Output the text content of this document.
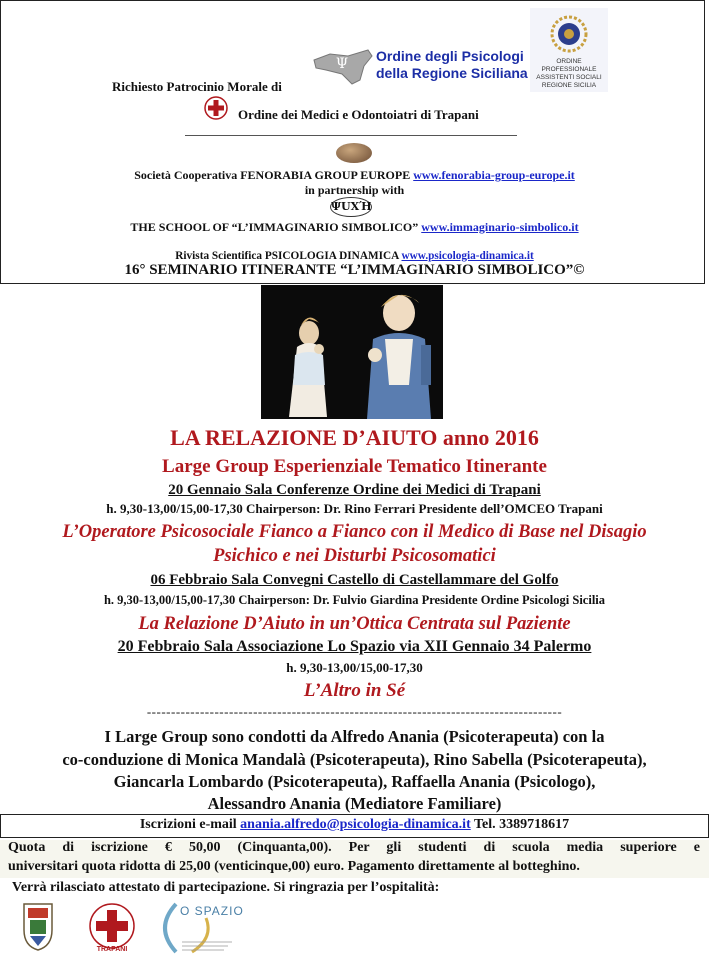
Ψ Ordine degli Psicologi
della Regione Siciliana
ORDINE PROFESSIONALE ASSISTENTI SOCIALI REGIONE SICILIA
Richiesto Patrocinio Morale di
Ordine dei Medici e Odontoiatri di Trapani
Società Cooperativa FENORABIA GROUP EUROPE www.fenorabia-group-europe.it
in partnership with
ΨUXΉ
THE SCHOOL OF “L’IMMAGINARIO SIMBOLICO” www.immaginario-simbolico.it
Rivista Scientifica PSICOLOGIA DINAMICA www.psicologia-dinamica.it
16° SEMINARIO ITINERANTE “L’IMMAGINARIO SIMBOLICO”©
LA RELAZIONE D’AIUTO anno 2016
Large Group Esperienziale Tematico Itinerante
20 Gennaio Sala Conferenze Ordine dei Medici di Trapani
h. 9,30-13,00/15,00-17,30 Chairperson: Dr. Rino Ferrari Presidente dell’OMCEO Trapani
L’Operatore Psicosociale Fianco a Fianco con il Medico di Base nel Disagio
Psichico e nei Disturbi Psicosomatici
06 Febbraio Sala Convegni Castello di Castellammare del Golfo
h. 9,30-13,00/15,00-17,30 Chairperson: Dr. Fulvio Giardina Presidente Ordine Psicologi Sicilia
La Relazione D’Aiuto in un’Ottica Centrata sul Paziente
20 Febbraio Sala Associazione Lo Spazio via XII Gennaio 34 Palermo
h. 9,30-13,00/15,00-17,30
L’Altro in Sé
--------------------------------------------------------------------------------------
I Large Group sono condotti da Alfredo Anania (Psicoterapeuta) con la
co-conduzione di Monica Mandalà (Psicoterapeuta), Rino Sabella (Psicoterapeuta),
Giancarla Lombardo (Psicoterapeuta), Raffaella Anania (Psicologo),
Alessandro Anania (Mediatore Familiare)
Iscrizioni e-mail anania.alfredo@psicologia-dinamica.it Tel. 3389718617
Quota di iscrizione € 50,00 (Cinquanta,00). Per gli studenti di scuola media superiore e
universitari quota ridotta di 25,00 (venticinque,00) euro. Pagamento direttamente al botteghino.
Verrà rilasciato attestato di partecipazione. Si ringrazia per l’ospitalità:
TRAPANI
O SPAZIO
